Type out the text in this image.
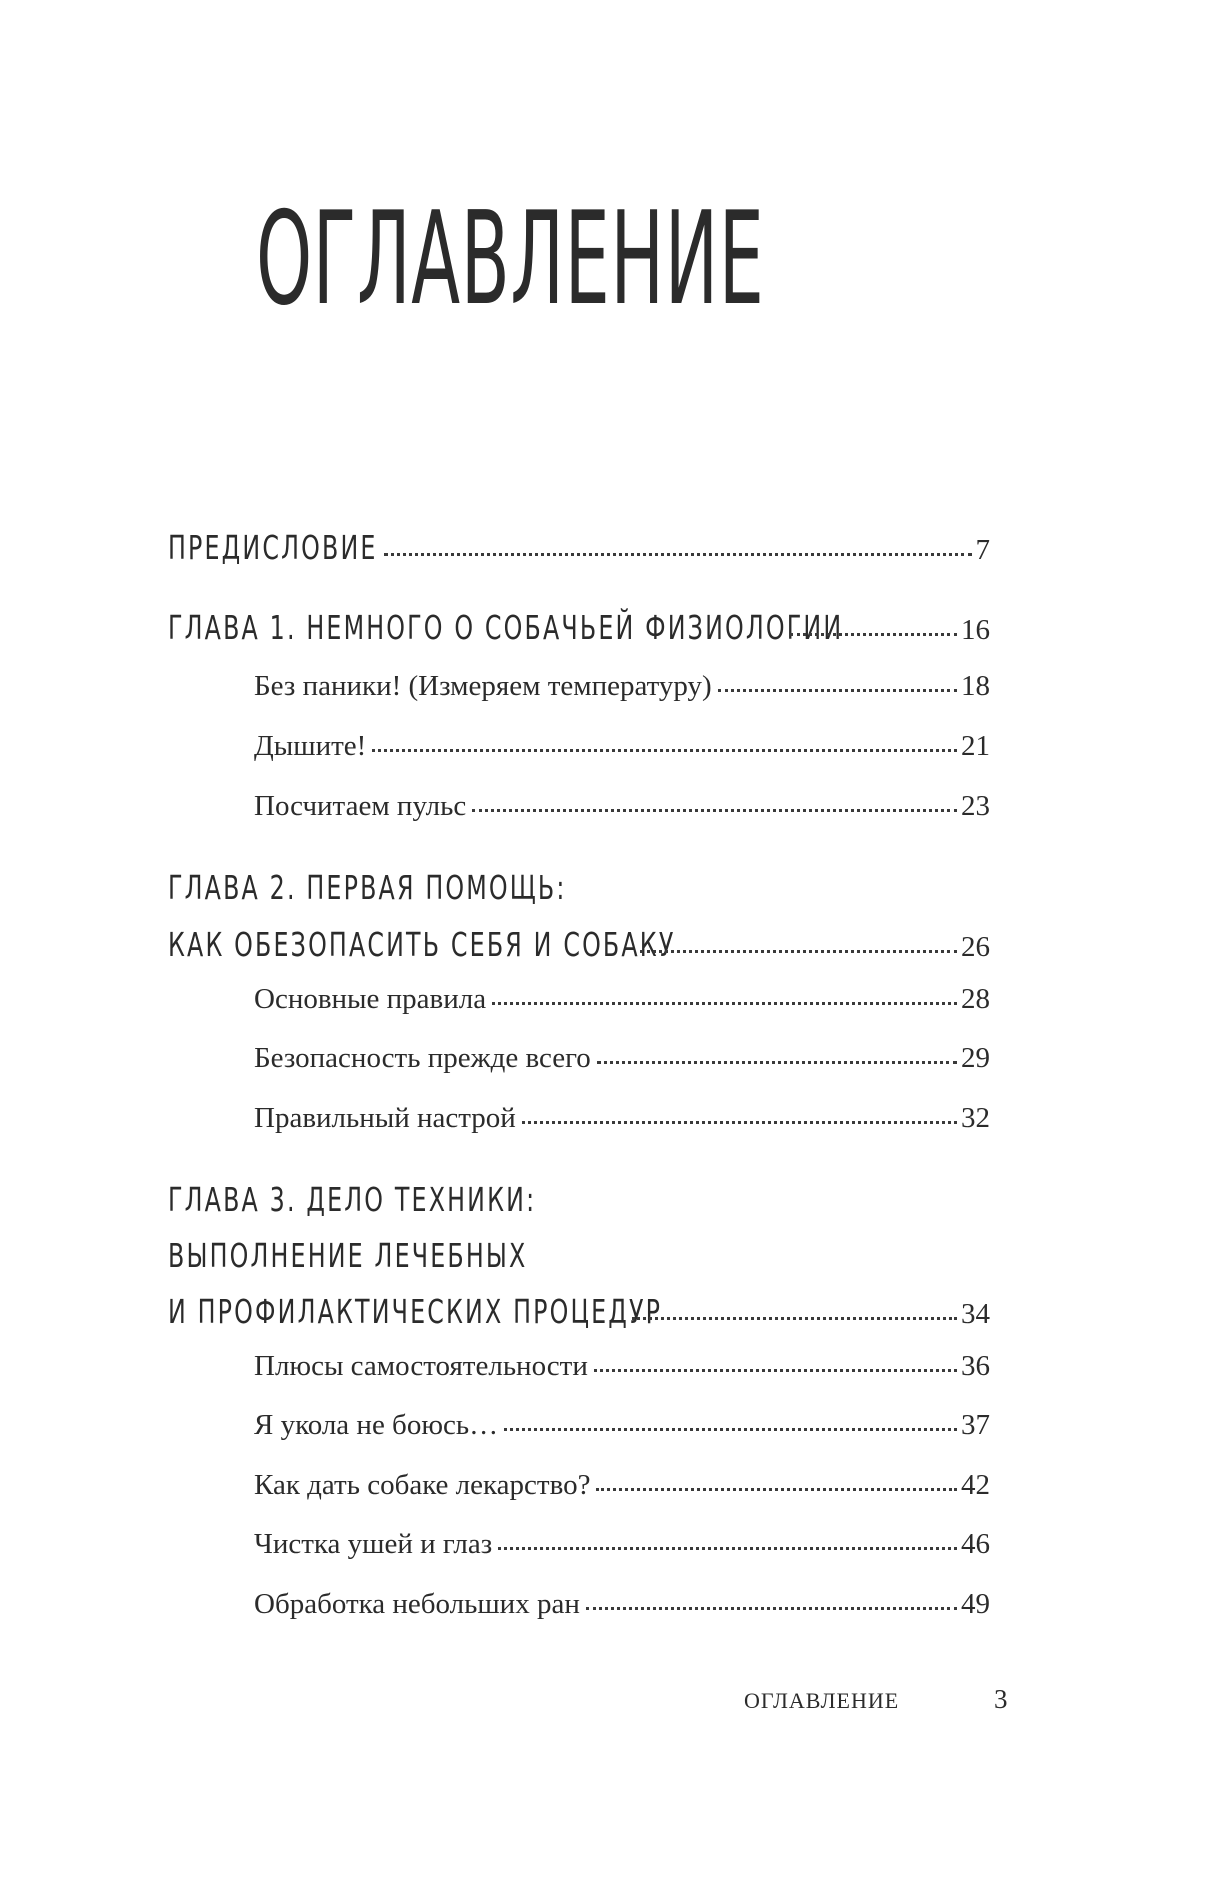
ОГЛАВЛЕНИЕ
ПРЕДИСЛОВИЕ	7
ГЛАВА 1. НЕМНОГО О СОБАЧЬЕЙ ФИЗИОЛОГИИ	16
Без паники! (Измеряем температуру)	18
Дышите!	21
Посчитаем пульс	23
ГЛАВА 2. ПЕРВАЯ ПОМОЩЬ:
КАК ОБЕЗОПАСИТЬ СЕБЯ И СОБАКУ	26
Основные правила	28
Безопасность прежде всего	29
Правильный настрой	32
ГЛАВА 3. ДЕЛО ТЕХНИКИ:
ВЫПОЛНЕНИЕ ЛЕЧЕБНЫХ
И ПРОФИЛАКТИЧЕСКИХ ПРОЦЕДУР	34
Плюсы самостоятельности	36
Я укола не боюсь…	37
Как дать собаке лекарство?	42
Чистка ушей и глаз	46
Обработка небольших ран	49
ОГЛАВЛЕНИЕ	3
